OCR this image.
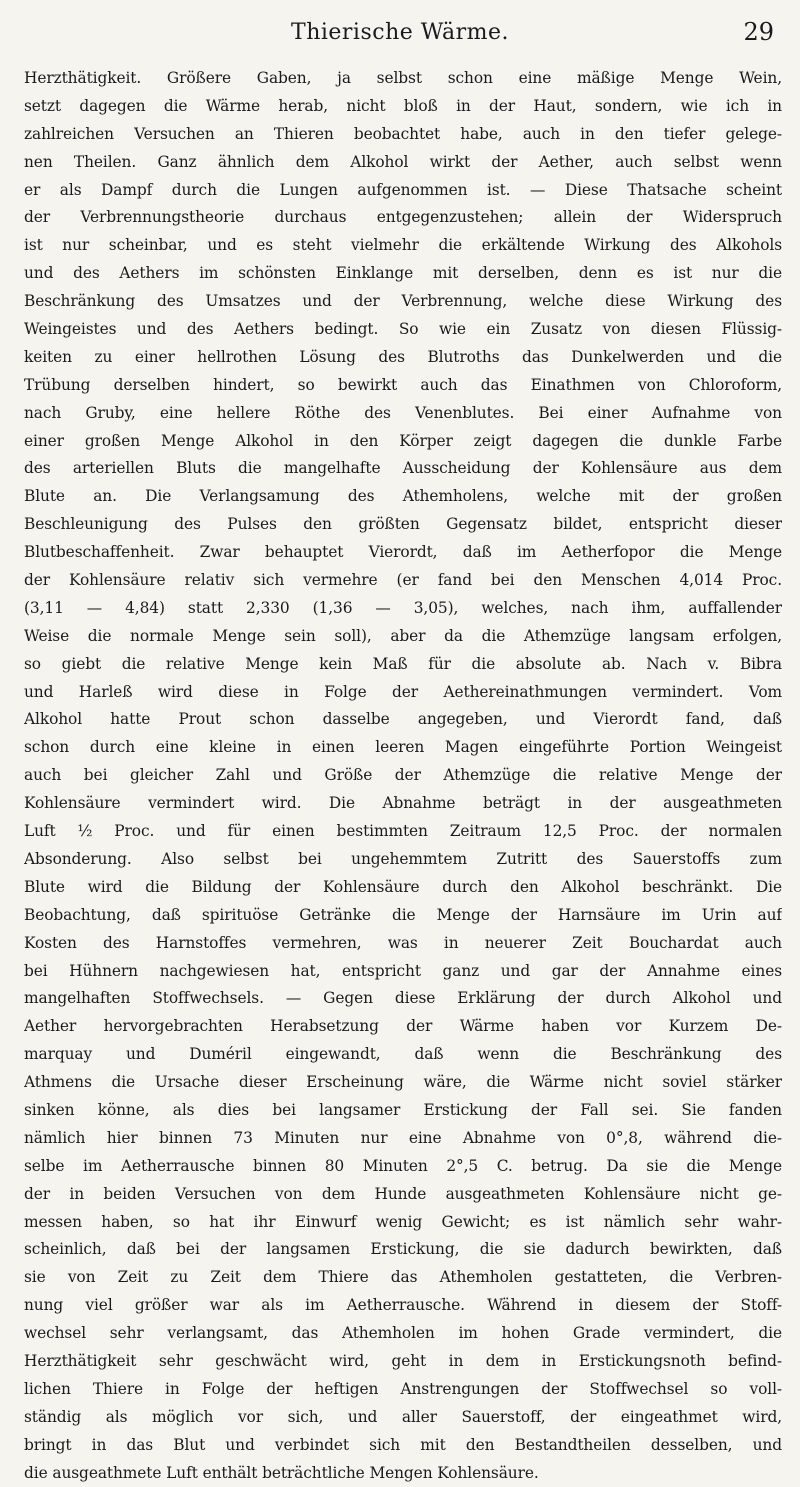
Thierische Wärme.	29
Herzthätigkeit. Größere Gaben, ja selbst schon eine mäßige Menge Wein,
setzt dagegen die Wärme herab, nicht bloß in der Haut, sondern, wie ich in
zahlreichen Versuchen an Thieren beobachtet habe, auch in den tiefer gelege-
nen Theilen. Ganz ähnlich dem Alkohol wirkt der Aether, auch selbst wenn
er als Dampf durch die Lungen aufgenommen ist. — Diese Thatsache scheint
der Verbrennungstheorie durchaus entgegenzustehen; allein der Widerspruch
ist nur scheinbar, und es steht vielmehr die erkältende Wirkung des Alkohols
und des Aethers im schönsten Einklange mit derselben, denn es ist nur die
Beschränkung des Umsatzes und der Verbrennung, welche diese Wirkung des
Weingeistes und des Aethers bedingt. So wie ein Zusatz von diesen Flüssig-
keiten zu einer hellrothen Lösung des Blutroths das Dunkelwerden und die
Trübung derselben hindert, so bewirkt auch das Einathmen von Chloroform,
nach Gruby, eine hellere Röthe des Venenblutes. Bei einer Aufnahme von
einer großen Menge Alkohol in den Körper zeigt dagegen die dunkle Farbe
des arteriellen Bluts die mangelhafte Ausscheidung der Kohlensäure aus dem
Blute an. Die Verlangsamung des Athemholens, welche mit der großen
Beschleunigung des Pulses den größten Gegensatz bildet, entspricht dieser
Blutbeschaffenheit. Zwar behauptet Vierordt, daß im Aetherfopor die Menge
der Kohlensäure relativ sich vermehre (er fand bei den Menschen 4,014 Proc.
(3,11 — 4,84) statt 2,330 (1,36 — 3,05), welches, nach ihm, auffallender
Weise die normale Menge sein soll), aber da die Athemzüge langsam erfolgen,
so giebt die relative Menge kein Maß für die absolute ab. Nach v. Bibra
und Harleß wird diese in Folge der Aethereinathmungen vermindert. Vom
Alkohol hatte Prout schon dasselbe angegeben, und Vierordt fand, daß
schon durch eine kleine in einen leeren Magen eingeführte Portion Weingeist
auch bei gleicher Zahl und Größe der Athemzüge die relative Menge der
Kohlensäure vermindert wird. Die Abnahme beträgt in der ausgeathmeten
Luft ½ Proc. und für einen bestimmten Zeitraum 12,5 Proc. der normalen
Absonderung. Also selbst bei ungehemmtem Zutritt des Sauerstoffs zum
Blute wird die Bildung der Kohlensäure durch den Alkohol beschränkt. Die
Beobachtung, daß spirituöse Getränke die Menge der Harnsäure im Urin auf
Kosten des Harnstoffes vermehren, was in neuerer Zeit Bouchardat auch
bei Hühnern nachgewiesen hat, entspricht ganz und gar der Annahme eines
mangelhaften Stoffwechsels. — Gegen diese Erklärung der durch Alkohol und
Aether hervorgebrachten Herabsetzung der Wärme haben vor Kurzem De-
marquay und Duméril eingewandt, daß wenn die Beschränkung des
Athmens die Ursache dieser Erscheinung wäre, die Wärme nicht soviel stärker
sinken könne, als dies bei langsamer Erstickung der Fall sei. Sie fanden
nämlich hier binnen 73 Minuten nur eine Abnahme von 0°,8, während die-
selbe im Aetherrausche binnen 80 Minuten 2°,5 C. betrug. Da sie die Menge
der in beiden Versuchen von dem Hunde ausgeathmeten Kohlensäure nicht ge-
messen haben, so hat ihr Einwurf wenig Gewicht; es ist nämlich sehr wahr-
scheinlich, daß bei der langsamen Erstickung, die sie dadurch bewirkten, daß
sie von Zeit zu Zeit dem Thiere das Athemholen gestatteten, die Verbren-
nung viel größer war als im Aetherrausche. Während in diesem der Stoff-
wechsel sehr verlangsamt, das Athemholen im hohen Grade vermindert, die
Herzthätigkeit sehr geschwächt wird, geht in dem in Erstickungsnoth befind-
lichen Thiere in Folge der heftigen Anstrengungen der Stoffwechsel so voll-
ständig als möglich vor sich, und aller Sauerstoff, der eingeathmet wird,
bringt in das Blut und verbindet sich mit den Bestandtheilen desselben, und
die ausgeathmete Luft enthält beträchtliche Mengen Kohlensäure.
